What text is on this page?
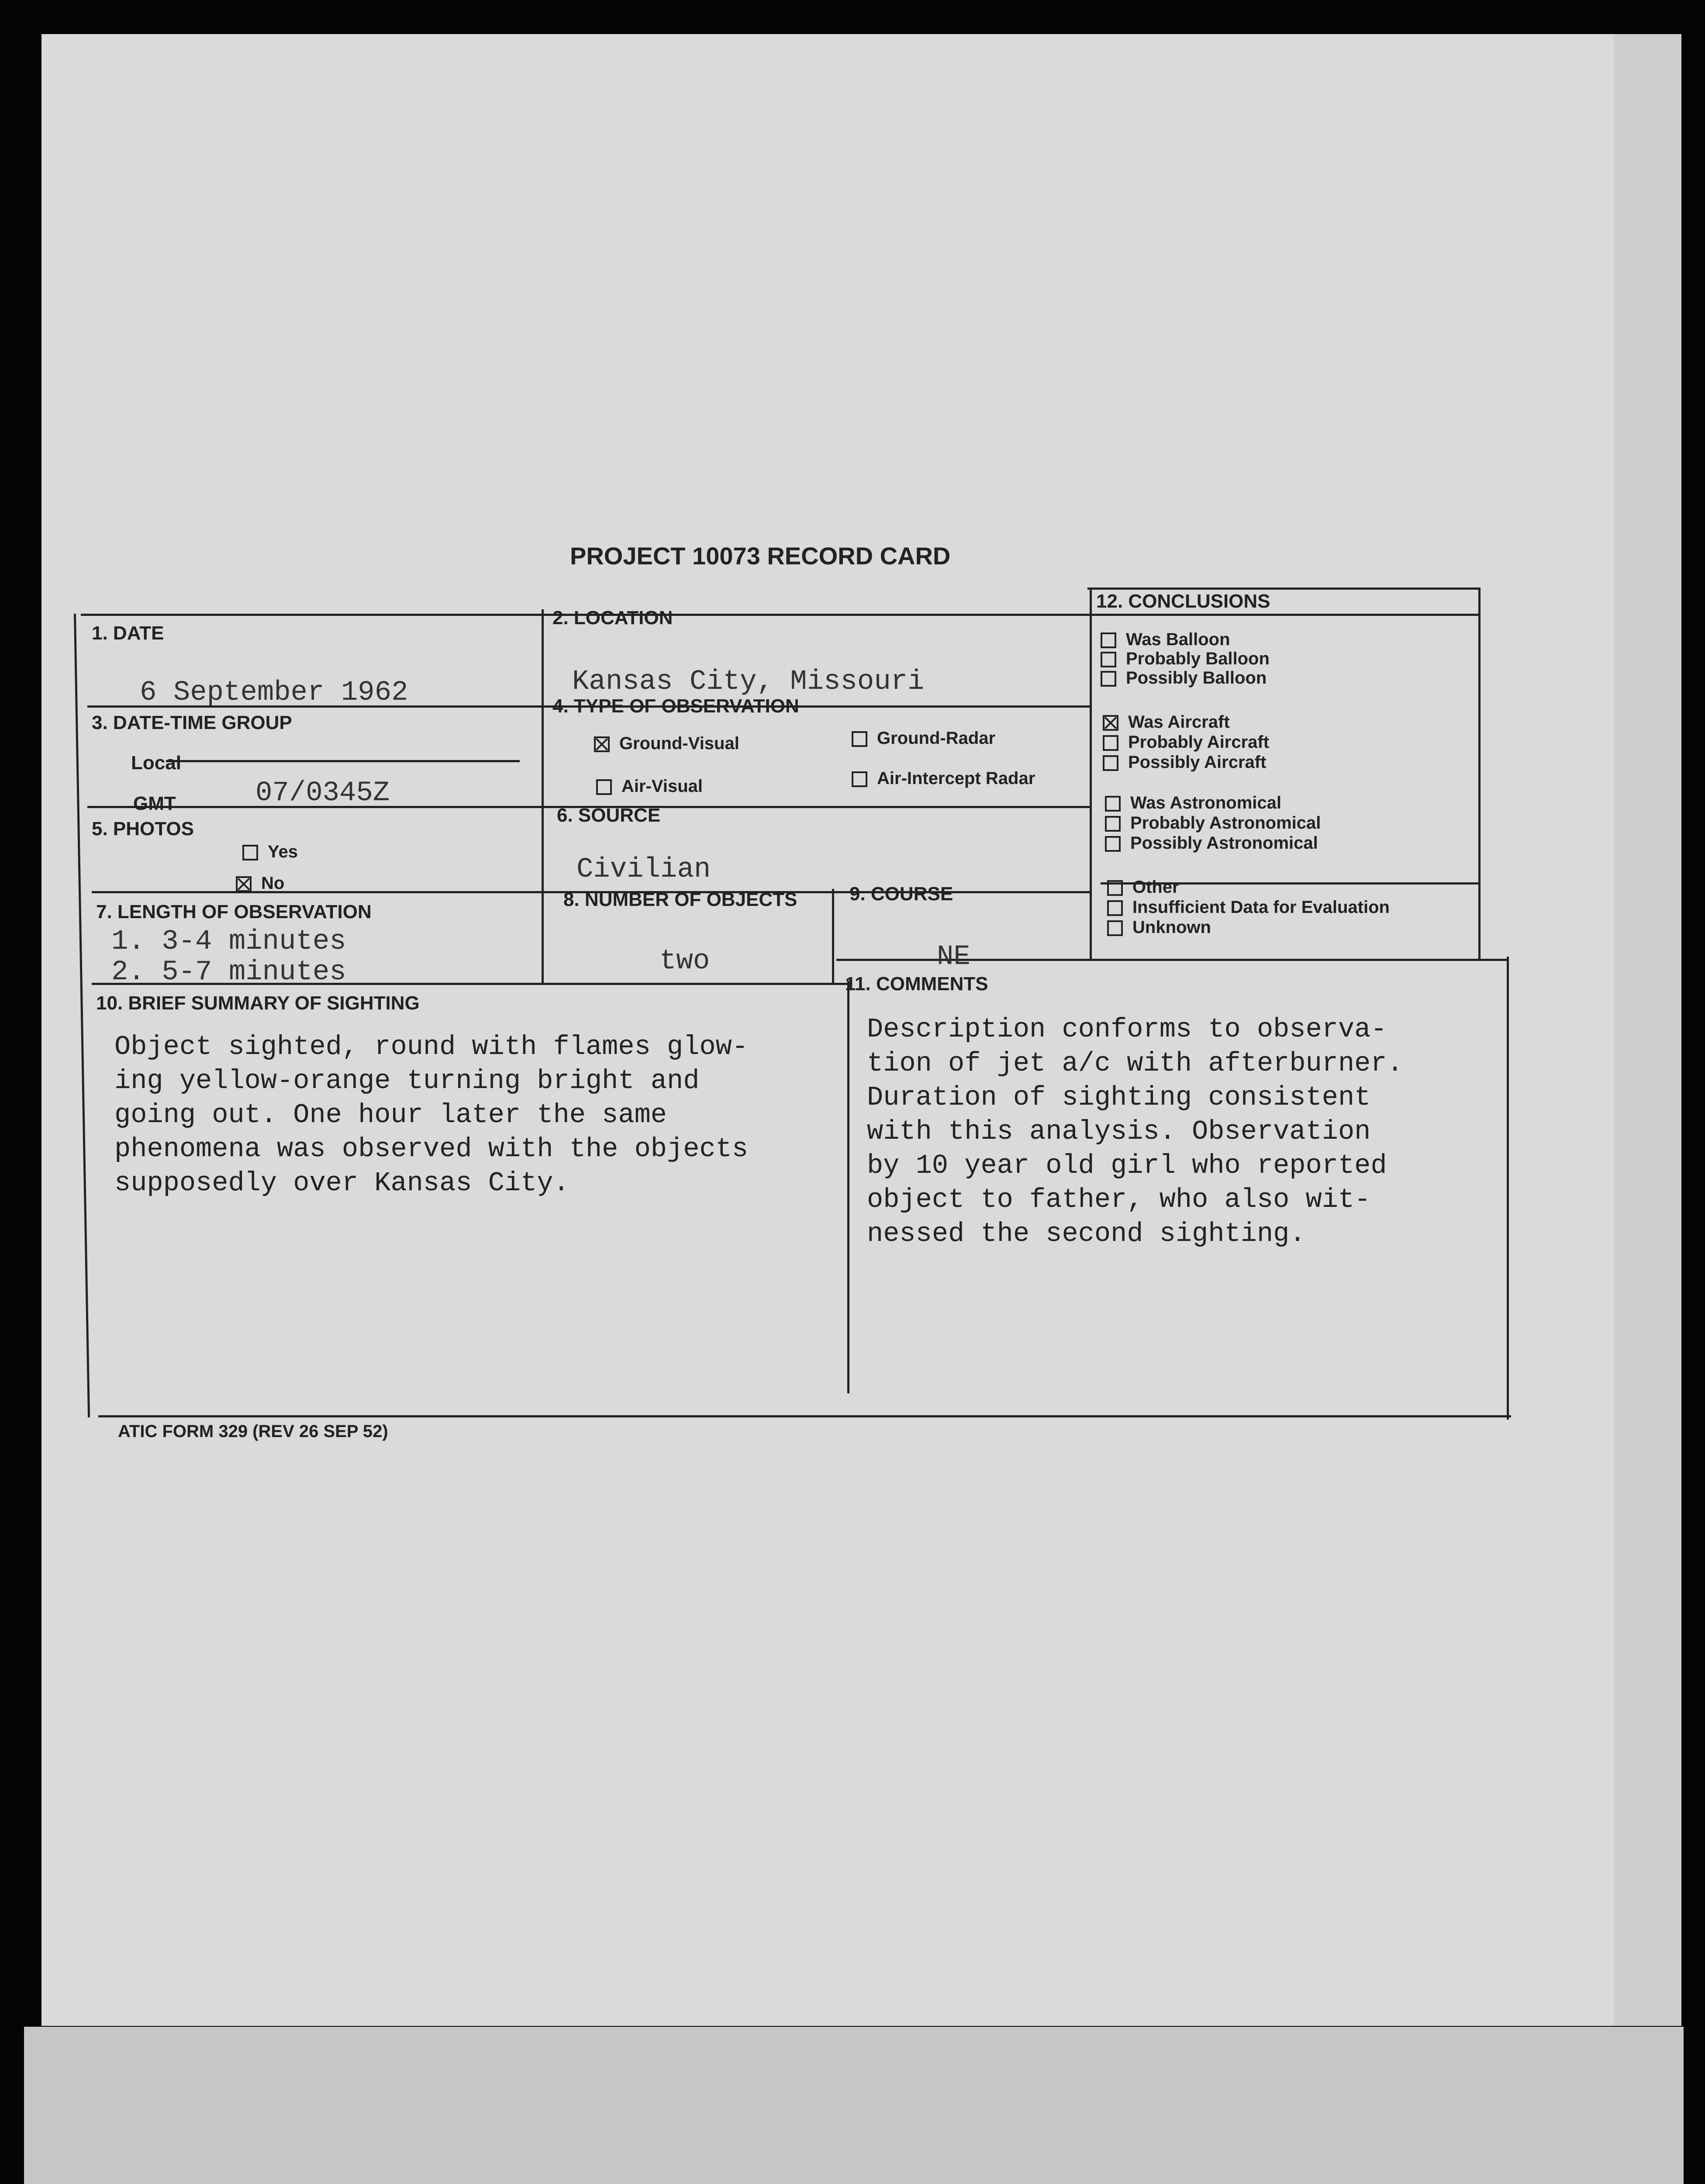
PROJECT 10073 RECORD CARD
1. DATE
6 September 1962
2. LOCATION
Kansas City, Missouri
3. DATE-TIME GROUP
Local
GMT	07/0345Z
4. TYPE OF OBSERVATION
Ground-Visual	Ground-Radar
Air-Visual	Air-Intercept Radar
5. PHOTOS
Yes
No
6. SOURCE
Civilian
7. LENGTH OF OBSERVATION
1. 3-4 minutes
2. 5-7 minutes
8. NUMBER OF OBJECTS
two
9. COURSE
NE
10. BRIEF SUMMARY OF SIGHTING
Object sighted, round with flames glow-
ing yellow-orange turning bright and
going out. One hour later the same
phenomena was observed with the objects
supposedly over Kansas City.
11. COMMENTS
Description conforms to observa-
tion of jet a/c with afterburner.
Duration of sighting consistent
with this analysis. Observation
by 10 year old girl who reported
object to father, who also wit-
nessed the second sighting.
12. CONCLUSIONS
Was Balloon
Probably Balloon
Possibly Balloon
Was Aircraft
Probably Aircraft
Possibly Aircraft
Was Astronomical
Probably Astronomical
Possibly Astronomical
Other
Insufficient Data for Evaluation
Unknown
ATIC FORM 329 (REV 26 SEP 52)
